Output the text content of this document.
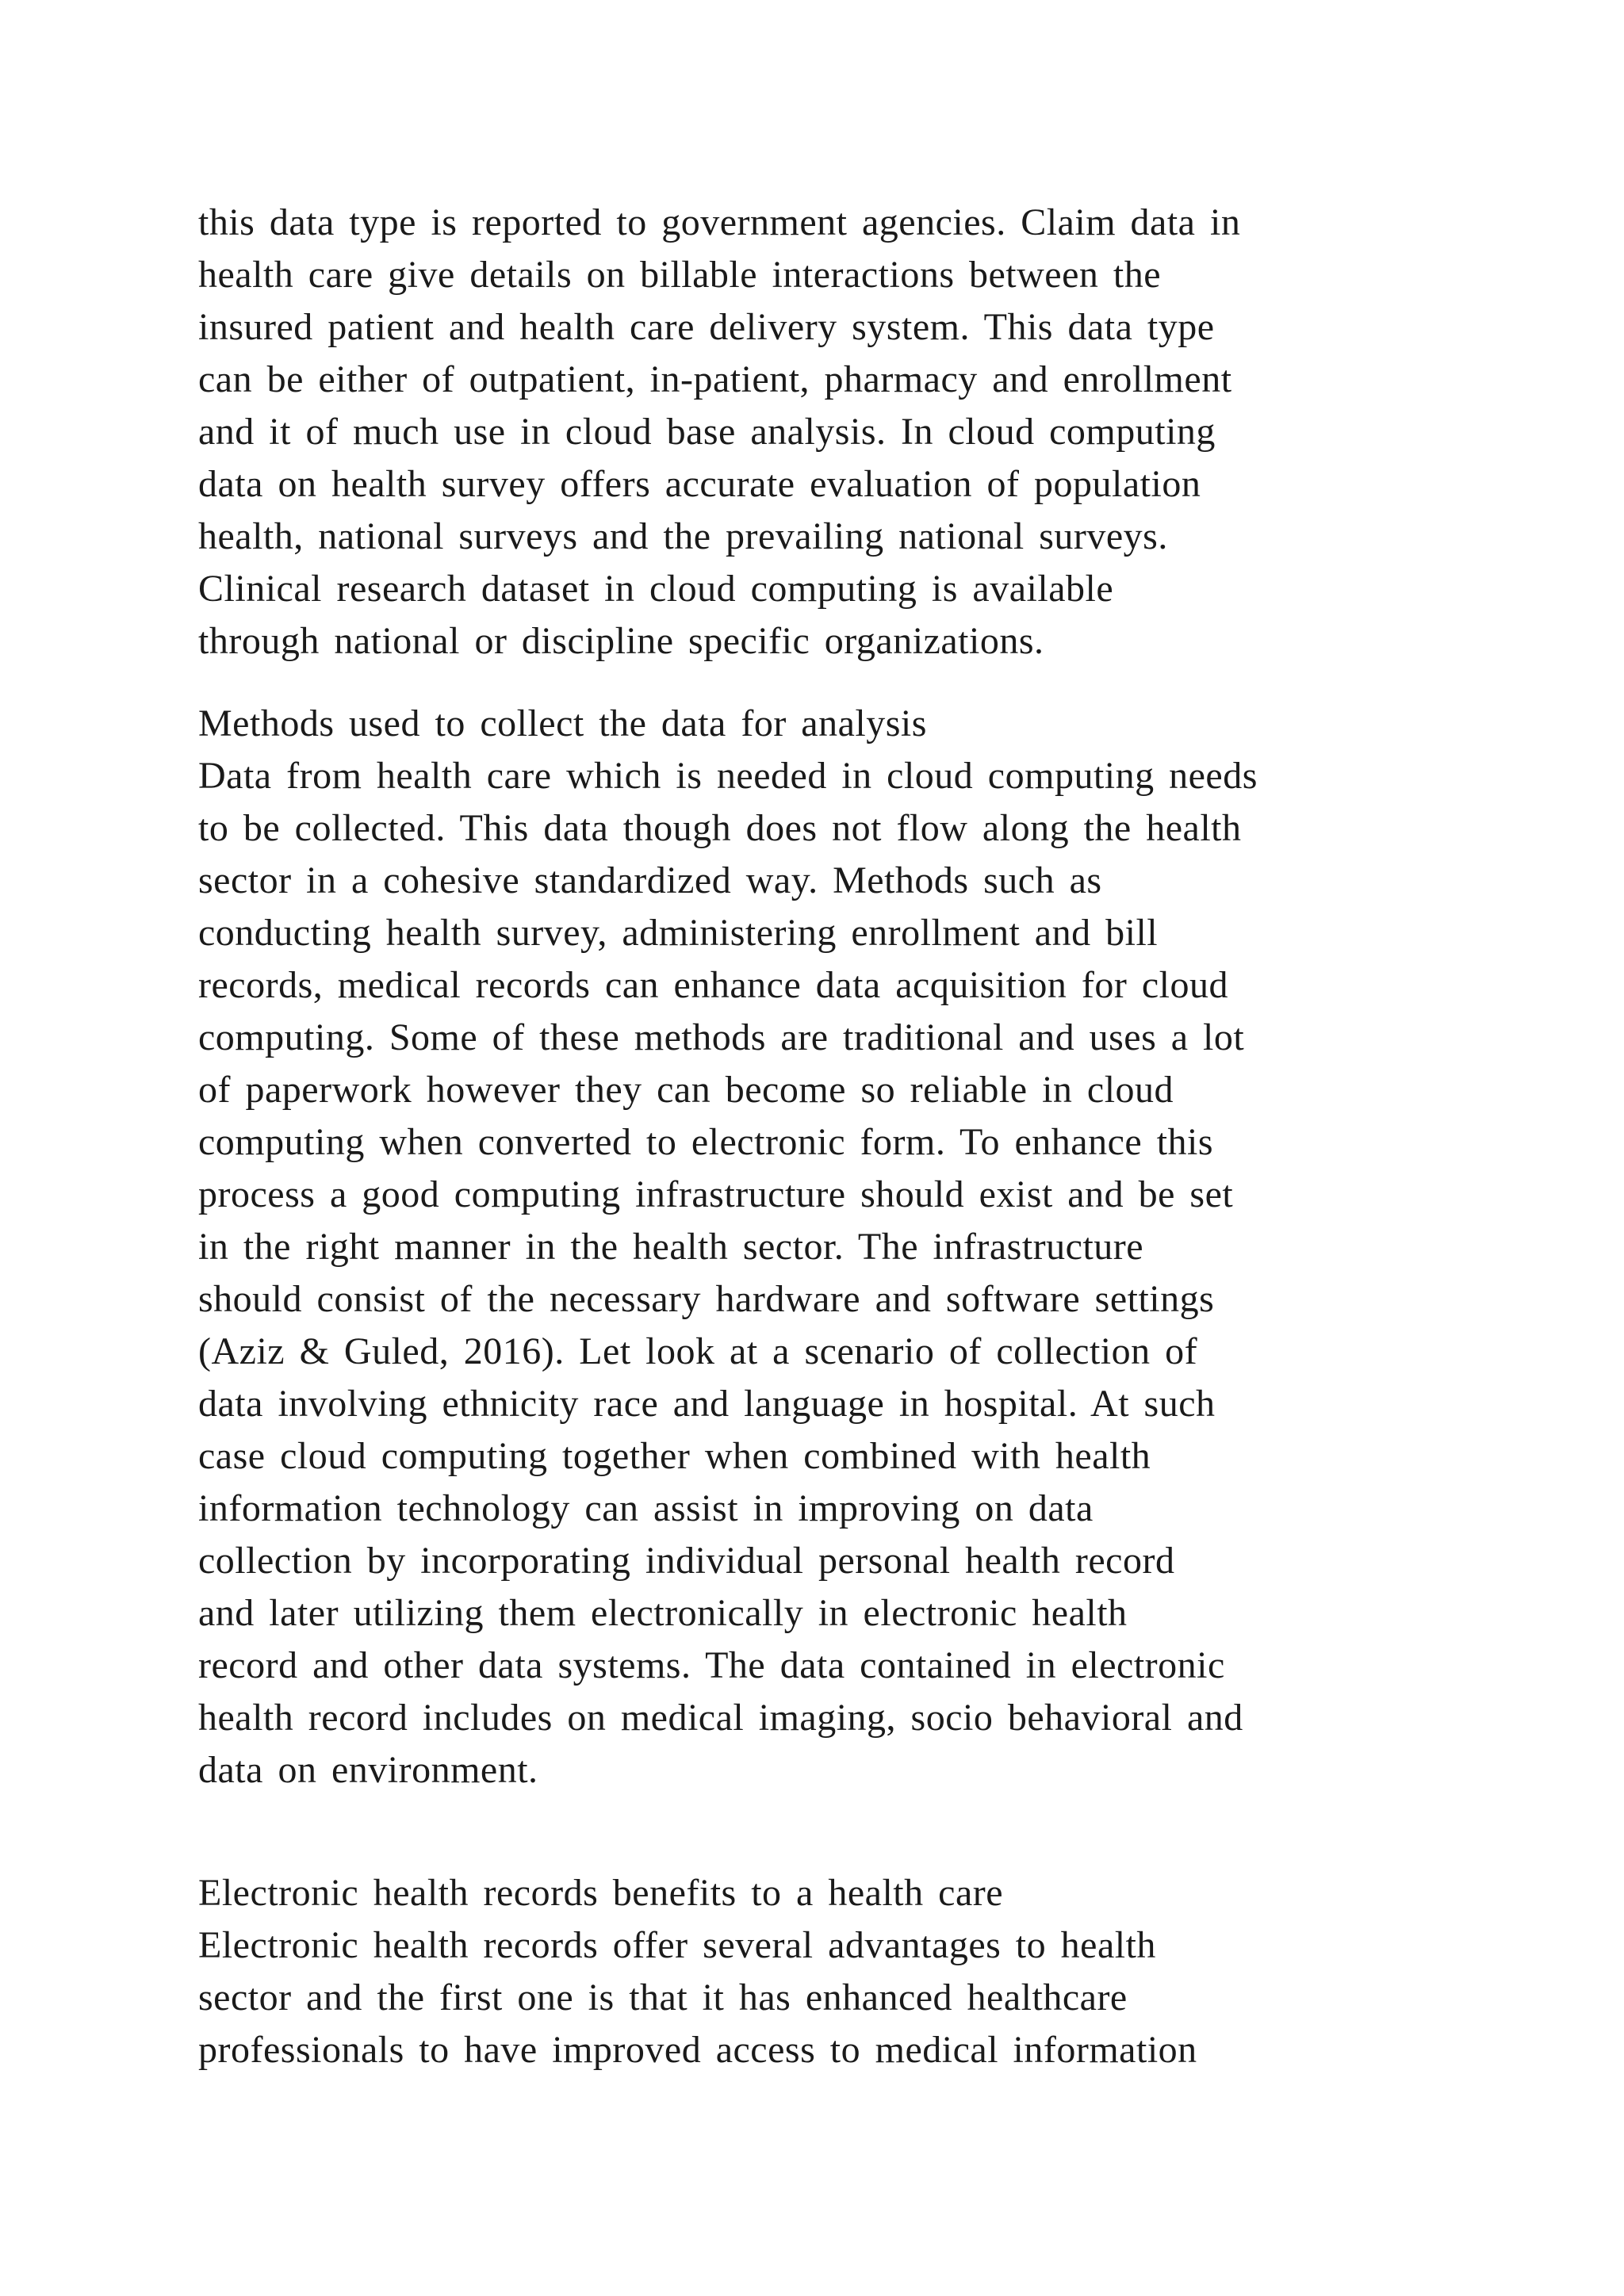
this data type is reported to government agencies. Claim data in
health care give details on billable interactions between the
insured patient and health care delivery system. This data type
can be either of outpatient, in-patient, pharmacy and enrollment
and it of much use in cloud base analysis. In cloud computing
data on health survey offers accurate evaluation of population
health, national surveys and the prevailing national surveys.
Clinical research dataset in cloud computing is available
through national or discipline specific organizations.
Methods used to collect the data for analysis
Data from health care which is needed in cloud computing needs
to be collected. This data though does not flow along the health
sector in a cohesive standardized way. Methods such as
conducting health survey, administering enrollment and bill
records, medical records can enhance data acquisition for cloud
computing. Some of these methods are traditional and uses a lot
of paperwork however they can become so reliable in cloud
computing when converted to electronic form. To enhance this
process a good computing infrastructure should exist and be set
in the right manner in the health sector. The infrastructure
should consist of the necessary hardware and software settings
(Aziz & Guled, 2016). Let look at a scenario of collection of
data involving ethnicity race and language in hospital. At such
case cloud computing together when combined with health
information technology can assist in improving on data
collection by incorporating individual personal health record
and later utilizing them electronically in electronic health
record and other data systems. The data contained in electronic
health record includes on medical imaging, socio behavioral and
data on environment.
Electronic health records benefits to a health care
Electronic health records offer several advantages to health
sector and the first one is that it has enhanced healthcare
professionals to have improved access to medical information
